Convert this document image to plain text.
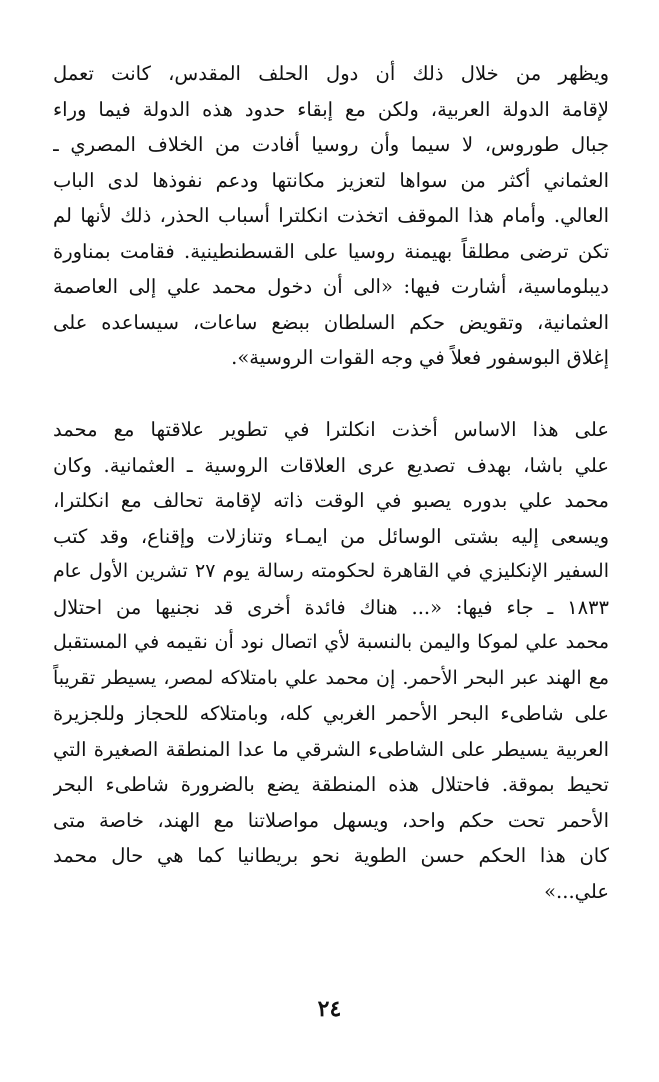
ويظهر من خلال ذلك أن دول الحلف المقدس، كانت تعمل
لإقامة الدولة العربية، ولكن مع إبقاء حدود هذه الدولة فيما وراء
جبال طوروس، لا سيما وأن روسيا أفادت من الخلاف المصري ـ
العثماني أكثر من سواها لتعزيز مكانتها ودعم نفوذها لدى الباب
العالي. وأمام هذا الموقف اتخذت انكلترا أسباب الحذر، ذلك لأنها لم
تكن ترضى مطلقاً بهيمنة روسيا على القسطنطينية. فقامت بمناورة
ديبلوماسية، أشارت فيها: «الى أن دخول محمد علي إلى العاصمة
العثمانية، وتقويض حكم السلطان ببضع ساعات، سيساعده على
إغلاق البوسفور فعلاً في وجه القوات الروسية».
على هذا الاساس أخذت انكلترا في تطوير علاقتها مع محمد
علي باشا، بهدف تصديع عرى العلاقات الروسية ـ العثمانية. وكان
محمد علي بدوره يصبو في الوقت ذاته لإقامة تحالف مع انكلترا،
ويسعى إليه بشتى الوسائل من ايمـاء وتنازلات وإقناع، وقد كتب
السفير الإنكليزي في القاهرة لحكومته رسالة يوم ٢٧ تشرين الأول عام
١٨٣٣ ـ جاء فيها: «... هناك فائدة أخرى قد نجنيها من احتلال
محمد علي لموكا واليمن بالنسبة لأي اتصال نود أن نقيمه في المستقبل
مع الهند عبر البحر الأحمر. إن محمد علي بامتلاكه لمصر، يسيطر تقريباً
على شاطىء البحر الأحمر الغربي كله، وبامتلاكه للحجاز وللجزيرة
العربية يسيطر على الشاطىء الشرقي ما عدا المنطقة الصغيرة التي
تحيط بموقة. فاحتلال هذه المنطقة يضع بالضرورة شاطىء البحر
الأحمر تحت حكم واحد، ويسهل مواصلاتنا مع الهند، خاصة متى
كان هذا الحكم حسن الطوية نحو بريطانيا كما هي حال محمد
علي...»
٢٤
